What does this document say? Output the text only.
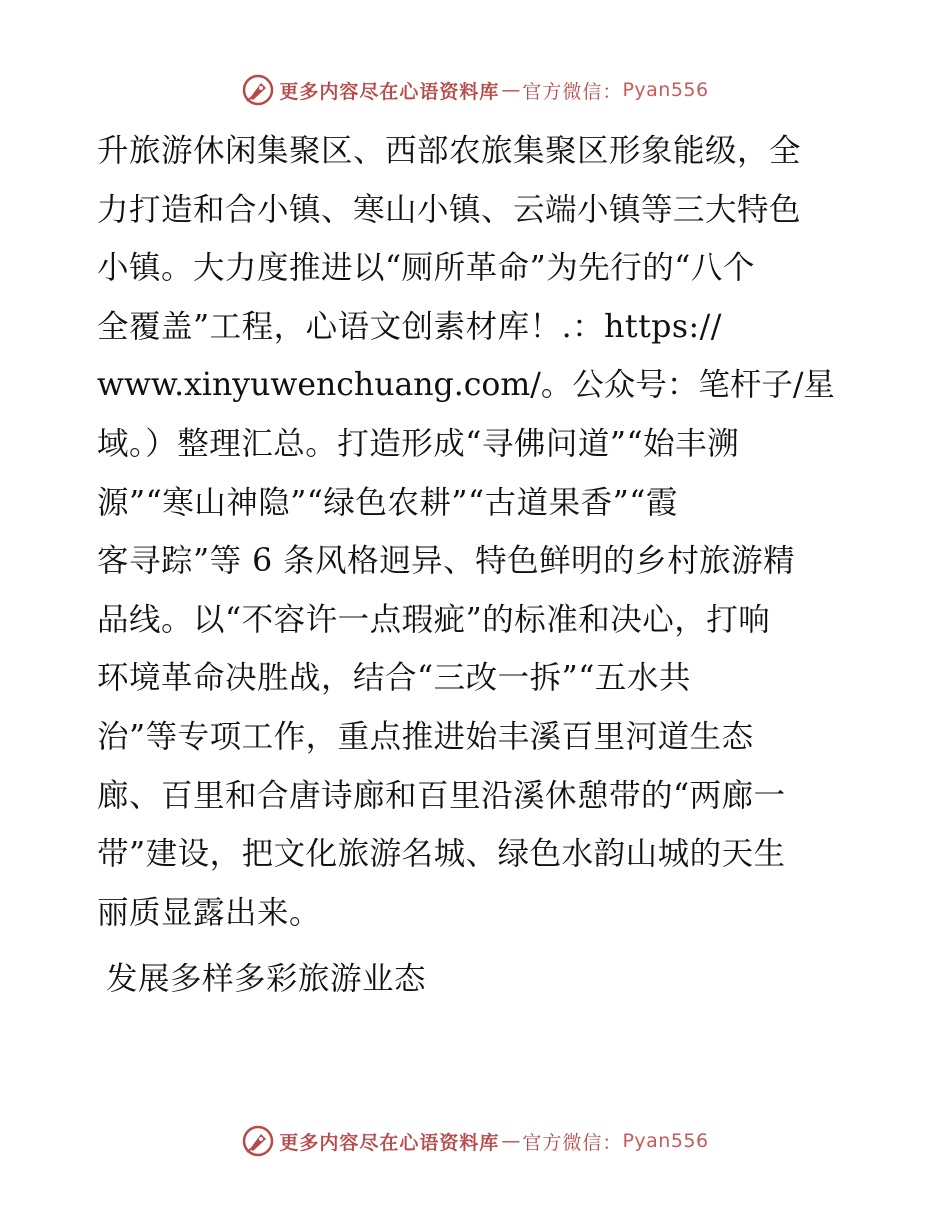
更多内容尽在心语资料库 — 官方微信： Pyan556
升旅游休闲集聚区、西部农旅集聚区形象能级，全
力打造和合小镇、寒山小镇、云端小镇等三大特色
小镇。大力度推进以“厕所革命”为先行的“八个
全覆盖”工程，心语文创素材库！.：https://
www.xinyuwenchuang.com/。公众号：笔杆子/星
域。）整理汇总。打造形成“寻佛问道”“始丰溯
源”“寒山神隐”“绿色农耕”“古道果香”“霞
客寻踪”等 6 条风格迥异、特色鲜明的乡村旅游精
品线。以“不容许一点瑕疵”的标准和决心，打响
环境革命决胜战，结合“三改一拆”“五水共
治”等专项工作，重点推进始丰溪百里河道生态
廊、百里和合唐诗廊和百里沿溪休憩带的“两廊一
带”建设，把文化旅游名城、绿色水韵山城的天生
丽质显露出来。
发展多样多彩旅游业态
更多内容尽在心语资料库 — 官方微信： Pyan556
